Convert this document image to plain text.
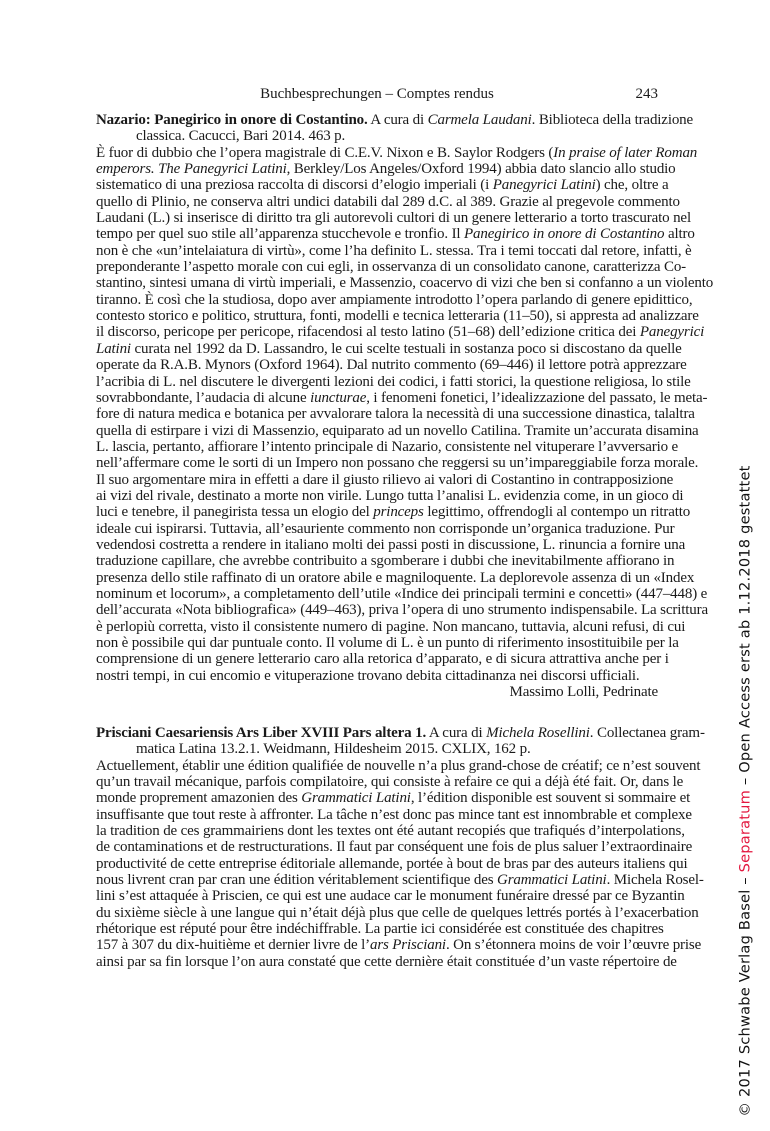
Buchbesprechungen – Comptes rendus	243
Nazario: Panegirico in onore di Costantino. A cura di Carmela Laudani. Biblioteca della tradizione
classica. Cacucci, Bari 2014. 463 p.
È fuor di dubbio che l’opera magistrale di C.E.V. Nixon e B. Saylor Rodgers (In praise of later Roman
emperors. The Panegyrici Latini, Berkley/Los Angeles/Oxford 1994) abbia dato slancio allo studio
sistematico di una preziosa raccolta di discorsi d’elogio imperiali (i Panegyrici Latini) che, oltre a
quello di Plinio, ne conserva altri undici databili dal 289 d.C. al 389. Grazie al pregevole commento
Laudani (L.) si inserisce di diritto tra gli autorevoli cultori di un genere letterario a torto trascurato nel
tempo per quel suo stile all’apparenza stucchevole e tronfio. Il Panegirico in onore di Costantino altro
non è che «un’intelaiatura di virtù», come l’ha definito L. stessa. Tra i temi toccati dal retore, infatti, è
preponderante l’aspetto morale con cui egli, in osservanza di un consolidato canone, caratterizza Co-
stantino, sintesi umana di virtù imperiali, e Massenzio, coacervo di vizi che ben si confanno a un violento
tiranno. È così che la studiosa, dopo aver ampiamente introdotto l’opera parlando di genere epidittico,
contesto storico e politico, struttura, fonti, modelli e tecnica letteraria (11–50), si appresta ad analizzare
il discorso, pericope per pericope, rifacendosi al testo latino (51–68) dell’edizione critica dei Panegyrici
Latini curata nel 1992 da D. Lassandro, le cui scelte testuali in sostanza poco si discostano da quelle
operate da R.A.B. Mynors (Oxford 1964). Dal nutrito commento (69–446) il lettore potrà apprezzare
l’acribia di L. nel discutere le divergenti lezioni dei codici, i fatti storici, la questione religiosa, lo stile
sovrabbondante, l’audacia di alcune iuncturae, i fenomeni fonetici, l’idealizzazione del passato, le meta-
fore di natura medica e botanica per avvalorare talora la necessità di una successione dinastica, talaltra
quella di estirpare i vizi di Massenzio, equiparato ad un novello Catilina. Tramite un’accurata disamina
L. lascia, pertanto, affiorare l’intento principale di Nazario, consistente nel vituperare l’avversario e
nell’affermare come le sorti di un Impero non possano che reggersi su un’impareggiabile forza morale.
Il suo argomentare mira in effetti a dare il giusto rilievo ai valori di Costantino in contrapposizione
ai vizi del rivale, destinato a morte non virile. Lungo tutta l’analisi L. evidenzia come, in un gioco di
luci e tenebre, il panegirista tessa un elogio del princeps legittimo, offrendogli al contempo un ritratto
ideale cui ispirarsi. Tuttavia, all’esauriente commento non corrisponde un’organica traduzione. Pur
vedendosi costretta a rendere in italiano molti dei passi posti in discussione, L. rinuncia a fornire una
traduzione capillare, che avrebbe contribuito a sgomberare i dubbi che inevitabilmente affiorano in
presenza dello stile raffinato di un oratore abile e magniloquente. La deplorevole assenza di un «Index
nominum et locorum», a completamento dell’utile «Indice dei principali termini e concetti» (447–448) e
dell’accurata «Nota bibliografica» (449–463), priva l’opera di uno strumento indispensabile. La scrittura
è perlopiù corretta, visto il consistente numero di pagine. Non mancano, tuttavia, alcuni refusi, di cui
non è possibile qui dar puntuale conto. Il volume di L. è un punto di riferimento insostituibile per la
comprensione di un genere letterario caro alla retorica d’apparato, e di sicura attrattiva anche per i
nostri tempi, in cui encomio e vituperazione trovano debita cittadinanza nei discorsi ufficiali.
Massimo Lolli, Pedrinate
Prisciani Caesariensis Ars Liber XVIII Pars altera 1. A cura di Michela Rosellini. Collectanea gram-
matica Latina 13.2.1. Weidmann, Hildesheim 2015. CXLIX, 162 p.
Actuellement, établir une édition qualifiée de nouvelle n’a plus grand-chose de créatif; ce n’est souvent
qu’un travail mécanique, parfois compilatoire, qui consiste à refaire ce qui a déjà été fait. Or, dans le
monde proprement amazonien des Grammatici Latini, l’édition disponible est souvent si sommaire et
insuffisante que tout reste à affronter. La tâche n’est donc pas mince tant est innombrable et complexe
la tradition de ces grammairiens dont les textes ont été autant recopiés que trafiqués d’interpolations,
de contaminations et de restructurations. Il faut par conséquent une fois de plus saluer l’extraordinaire
productivité de cette entreprise éditoriale allemande, portée à bout de bras par des auteurs italiens qui
nous livrent cran par cran une édition véritablement scientifique des Grammatici Latini. Michela Rosel-
lini s’est attaquée à Priscien, ce qui est une audace car le monument funéraire dressé par ce Byzantin
du sixième siècle à une langue qui n’était déjà plus que celle de quelques lettrés portés à l’exacerbation
rhétorique est réputé pour être indéchiffrable. La partie ici considérée est constituée des chapitres
157 à 307 du dix-huitième et dernier livre de l’ars Prisciani. On s’étonnera moins de voir l’œuvre prise
ainsi par sa fin lorsque l’on aura constaté que cette dernière était constituée d’un vaste répertoire de	© 2017 Schwabe Verlag Basel – Separatum – Open Access erst ab 1.12.2018 gestattet
